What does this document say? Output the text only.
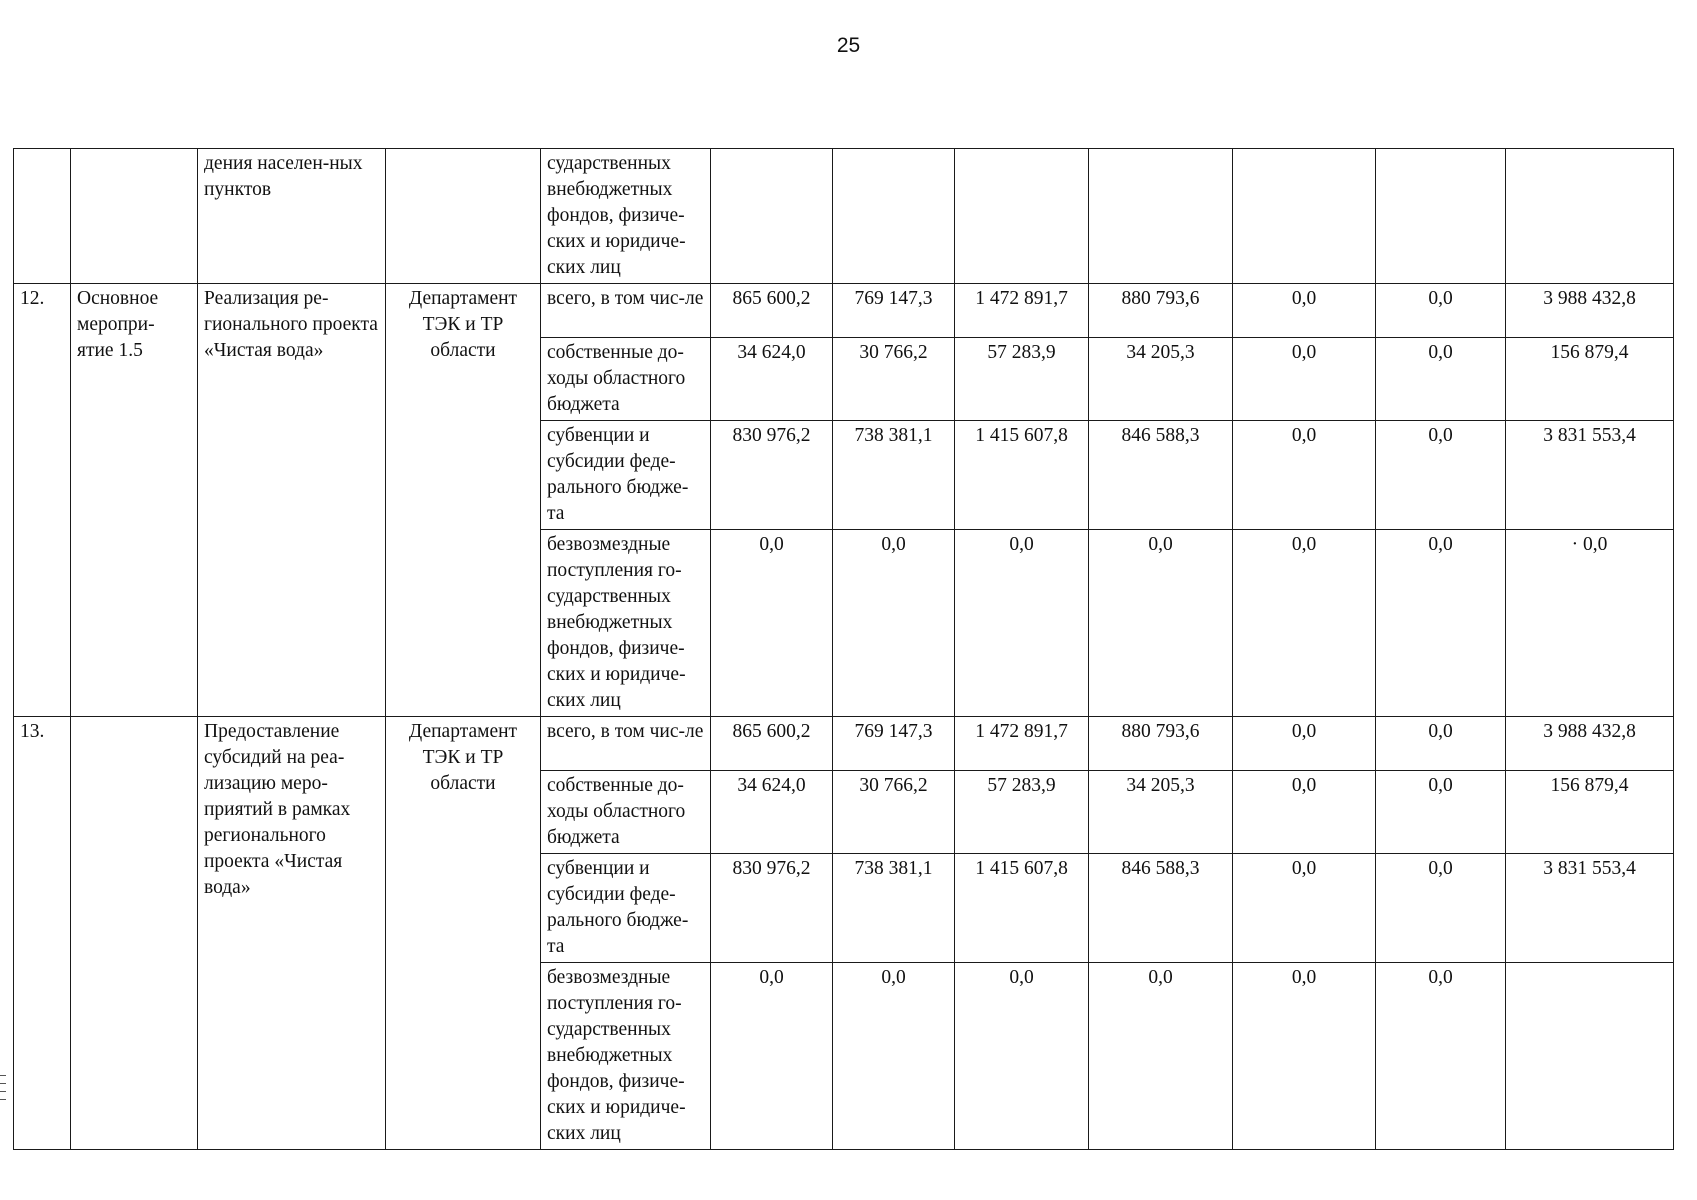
25
		дения населен-ных пунктов		сударственных внебюджетных фондов, физиче-ских и юридиче-ских лиц							
12.	Основное меропри-ятие 1.5	Реализация ре-гионального проекта «Чистая вода»	Департамент ТЭК и ТР области	всего, в том чис-ле	865 600,2	769 147,3	1 472 891,7	880 793,6	0,0	0,0	3 988 432,8
				собственные до-ходы областного бюджета	34 624,0	30 766,2	57 283,9	34 205,3	0,0	0,0	156 879,4
				субвенции и субсидии феде-рального бюдже-та	830 976,2	738 381,1	1 415 607,8	846 588,3	0,0	0,0	3 831 553,4
				безвозмездные поступления го-сударственных внебюджетных фондов, физиче-ских и юридиче-ских лиц	0,0	0,0	0,0	0,0	0,0	0,0	· 0,0
13.		Предоставление субсидий на реа-лизацию меро-приятий в рамках регионального проекта «Чистая вода»	Департамент ТЭК и ТР области	всего, в том чис-ле	865 600,2	769 147,3	1 472 891,7	880 793,6	0,0	0,0	3 988 432,8
				собственные до-ходы областного бюджета	34 624,0	30 766,2	57 283,9	34 205,3	0,0	0,0	156 879,4
				субвенции и субсидии феде-рального бюдже-та	830 976,2	738 381,1	1 415 607,8	846 588,3	0,0	0,0	3 831 553,4
				безвозмездные поступления го-сударственных внебюджетных фондов, физиче-ских и юридиче-ских лиц	0,0	0,0	0,0	0,0	0,0	0,0	
